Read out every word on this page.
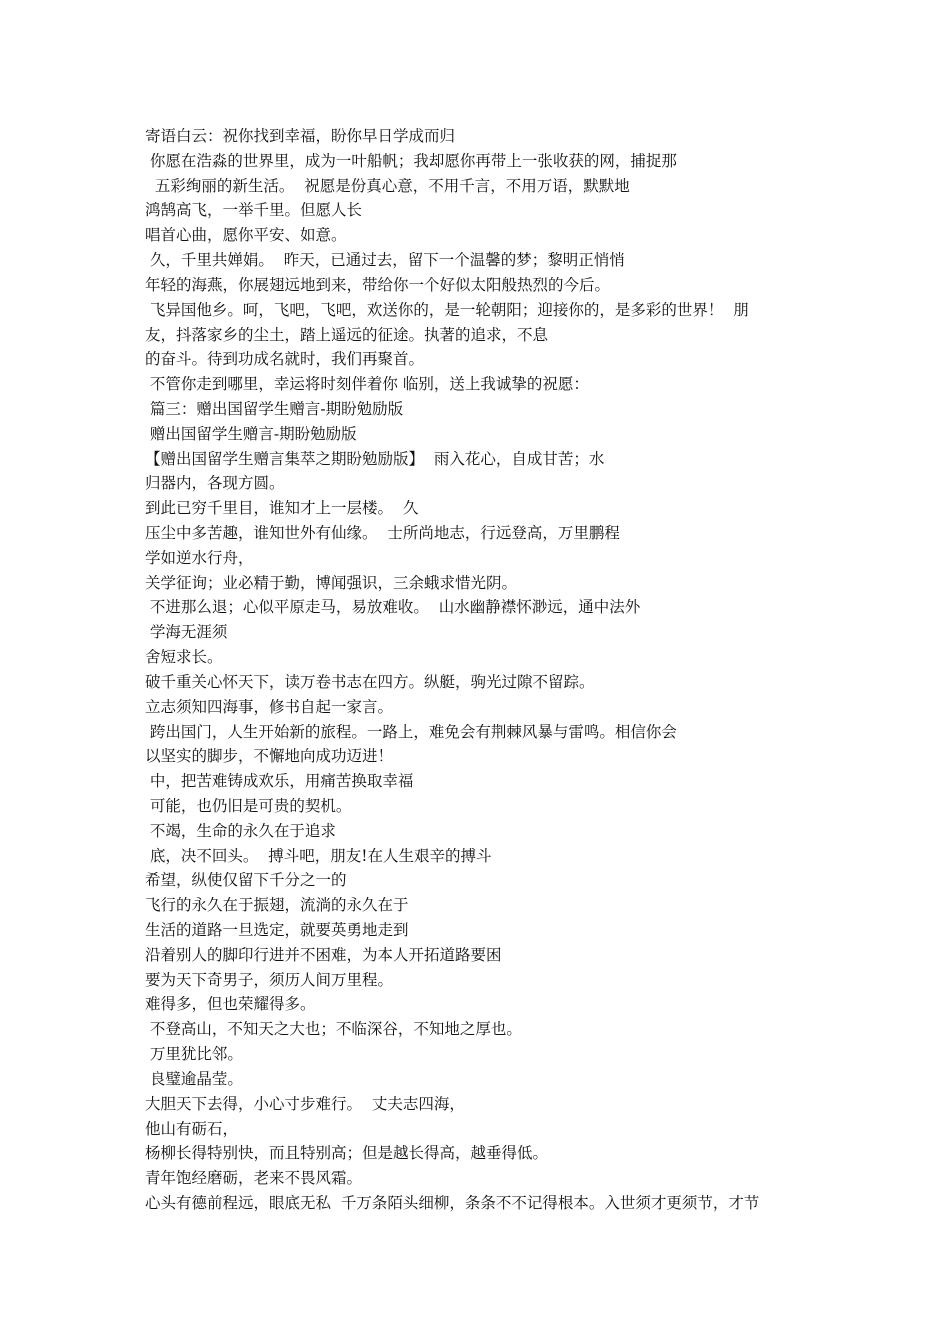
寄语白云：祝你找到幸福，盼你早日学成而归
你愿在浩淼的世界里，成为一叶船帆；我却愿你再带上一张收获的网，捕捉那
五彩绚丽的新生活。  祝愿是份真心意，不用千言，不用万语，默默地
鸿鹄高飞，一举千里。但愿人长
唱首心曲，愿你平安、如意。
久，千里共婵娟。  昨天，已通过去，留下一个温馨的梦；黎明正悄悄
年轻的海燕，你展翅远地到来，带给你一个好似太阳般热烈的今后。
飞异国他乡。呵，飞吧，飞吧，欢送你的，是一轮朝阳；迎接你的，是多彩的世界！  朋
友，抖落家乡的尘土，踏上遥远的征途。执著的追求，不息
的奋斗。待到功成名就时，我们再聚首。
不管你走到哪里，幸运将时刻伴着你 临别，送上我诚挚的祝愿：
篇三：赠出国留学生赠言-期盼勉励版
赠出国留学生赠言-期盼勉励版
【赠出国留学生赠言集萃之期盼勉励版】  雨入花心，自成甘苦；水
归器内，各现方圆。
到此已穷千里目，谁知才上一层楼。  久
压尘中多苦趣，谁知世外有仙缘。  士所尚地志，行远登高，万里鹏程
学如逆水行舟，
关学征询；业必精于勤，博闻强识，三余蛾求惜光阴。
不进那么退；心似平原走马，易放难收。  山水幽静襟怀渺远，通中法外
学海无涯须
舍短求长。
破千重关心怀天下，读万卷书志在四方。纵艇，驹光过隙不留踪。
立志须知四海事，修书自起一家言。
跨出国门，人生开始新的旅程。一路上，难免会有荆棘风暴与雷鸣。相信你会
以坚实的脚步，不懈地向成功迈进！
中，把苦难铸成欢乐，用痛苦换取幸福
可能，也仍旧是可贵的契机。
不竭，生命的永久在于追求
底，决不回头。  搏斗吧，朋友!在人生艰辛的搏斗
希望，纵使仅留下千分之一的
飞行的永久在于振翅，流淌的永久在于
生活的道路一旦选定，就要英勇地走到
沿着别人的脚印行进并不困难，为本人开拓道路要困
要为天下奇男子，须历人间万里程。
难得多，但也荣耀得多。
不登高山，不知天之大也；不临深谷，不知地之厚也。
万里犹比邻。
良璧逾晶莹。
大胆天下去得，小心寸步难行。  丈夫志四海，
他山有砺石，
杨柳长得特别快，而且特别高；但是越长得高，越垂得低。
青年饱经磨砺，老来不畏风霜。
心头有德前程远，眼底无私  千万条陌头细柳，条条不不记得根本。入世须才更须节，才节
